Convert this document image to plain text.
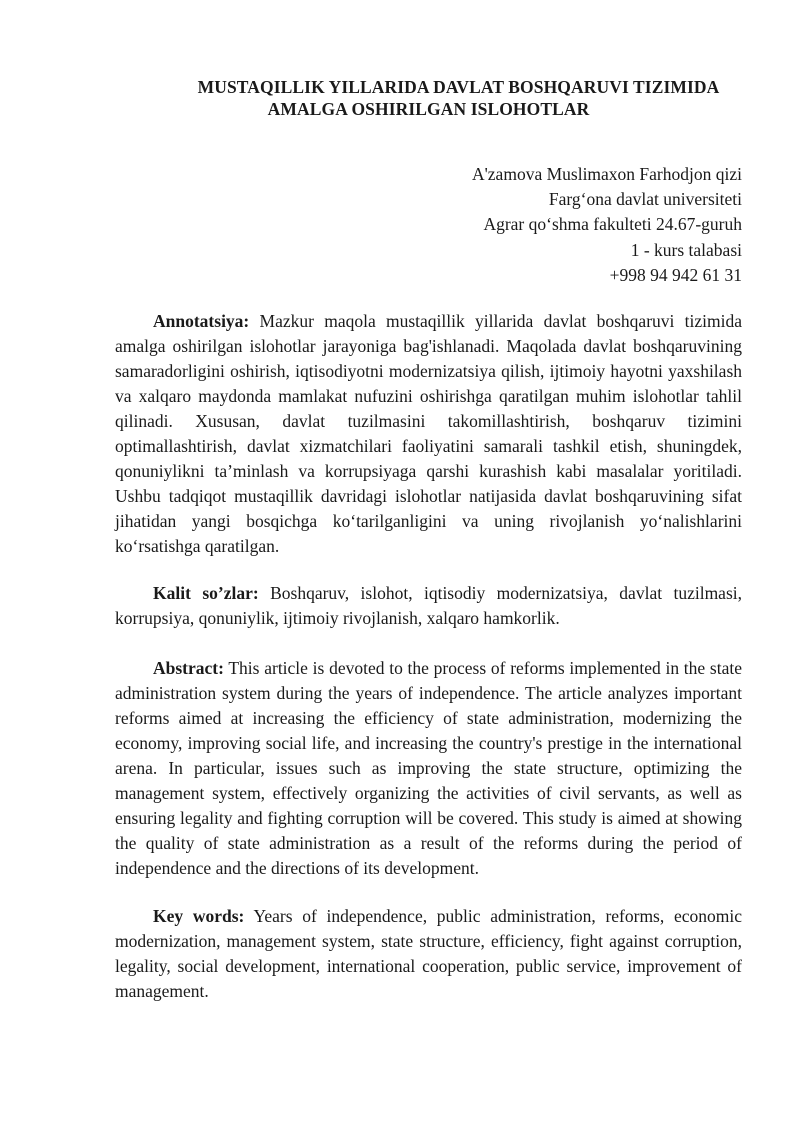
MUSTAQILLIK YILLARIDA DAVLAT BOSHQARUVI TIZIMIDA
AMALGA OSHIRILGAN ISLOHOTLAR
A'zamova Muslimaxon Farhodjon qizi
Farg‘ona davlat universiteti
Agrar qo‘shma fakulteti 24.67-guruh
1 - kurs talabasi
+998 94 942 61 31

Annotatsiya: Mazkur maqola mustaqillik yillarida davlat boshqaruvi tizimida amalga oshirilgan islohotlar jarayoniga bag'ishlanadi. Maqolada davlat boshqaruvining samaradorligini oshirish, iqtisodiyotni modernizatsiya qilish, ijtimoiy hayotni yaxshilash va xalqaro maydonda mamlakat nufuzini oshirishga qaratilgan muhim islohotlar tahlil qilinadi. Xususan, davlat tuzilmasini takomillashtirish, boshqaruv tizimini optimallashtirish, davlat xizmatchilari faoliyatini samarali tashkil etish, shuningdek, qonuniylikni ta’minlash va korrupsiyaga qarshi kurashish kabi masalalar yoritiladi. Ushbu tadqiqot mustaqillik davridagi islohotlar natijasida davlat boshqaruvining sifat jihatidan yangi bosqichga ko‘tarilganligini va uning rivojlanish yo‘nalishlarini ko‘rsatishga qaratilgan.

Kalit so’zlar: Boshqaruv, islohot, iqtisodiy modernizatsiya, davlat tuzilmasi, korrupsiya, qonuniylik, ijtimoiy rivojlanish, xalqaro hamkorlik.

Abstract: This article is devoted to the process of reforms implemented in the state administration system during the years of independence. The article analyzes important reforms aimed at increasing the efficiency of state administration, modernizing the economy, improving social life, and increasing the country's prestige in the international arena. In particular, issues such as improving the state structure, optimizing the management system, effectively organizing the activities of civil servants, as well as ensuring legality and fighting corruption will be covered. This study is aimed at showing the quality of state administration as a result of the reforms during the period of independence and the directions of its development.

Key words: Years of independence, public administration, reforms, economic modernization, management system, state structure, efficiency, fight against corruption, legality, social development, international cooperation, public service, improvement of management.
